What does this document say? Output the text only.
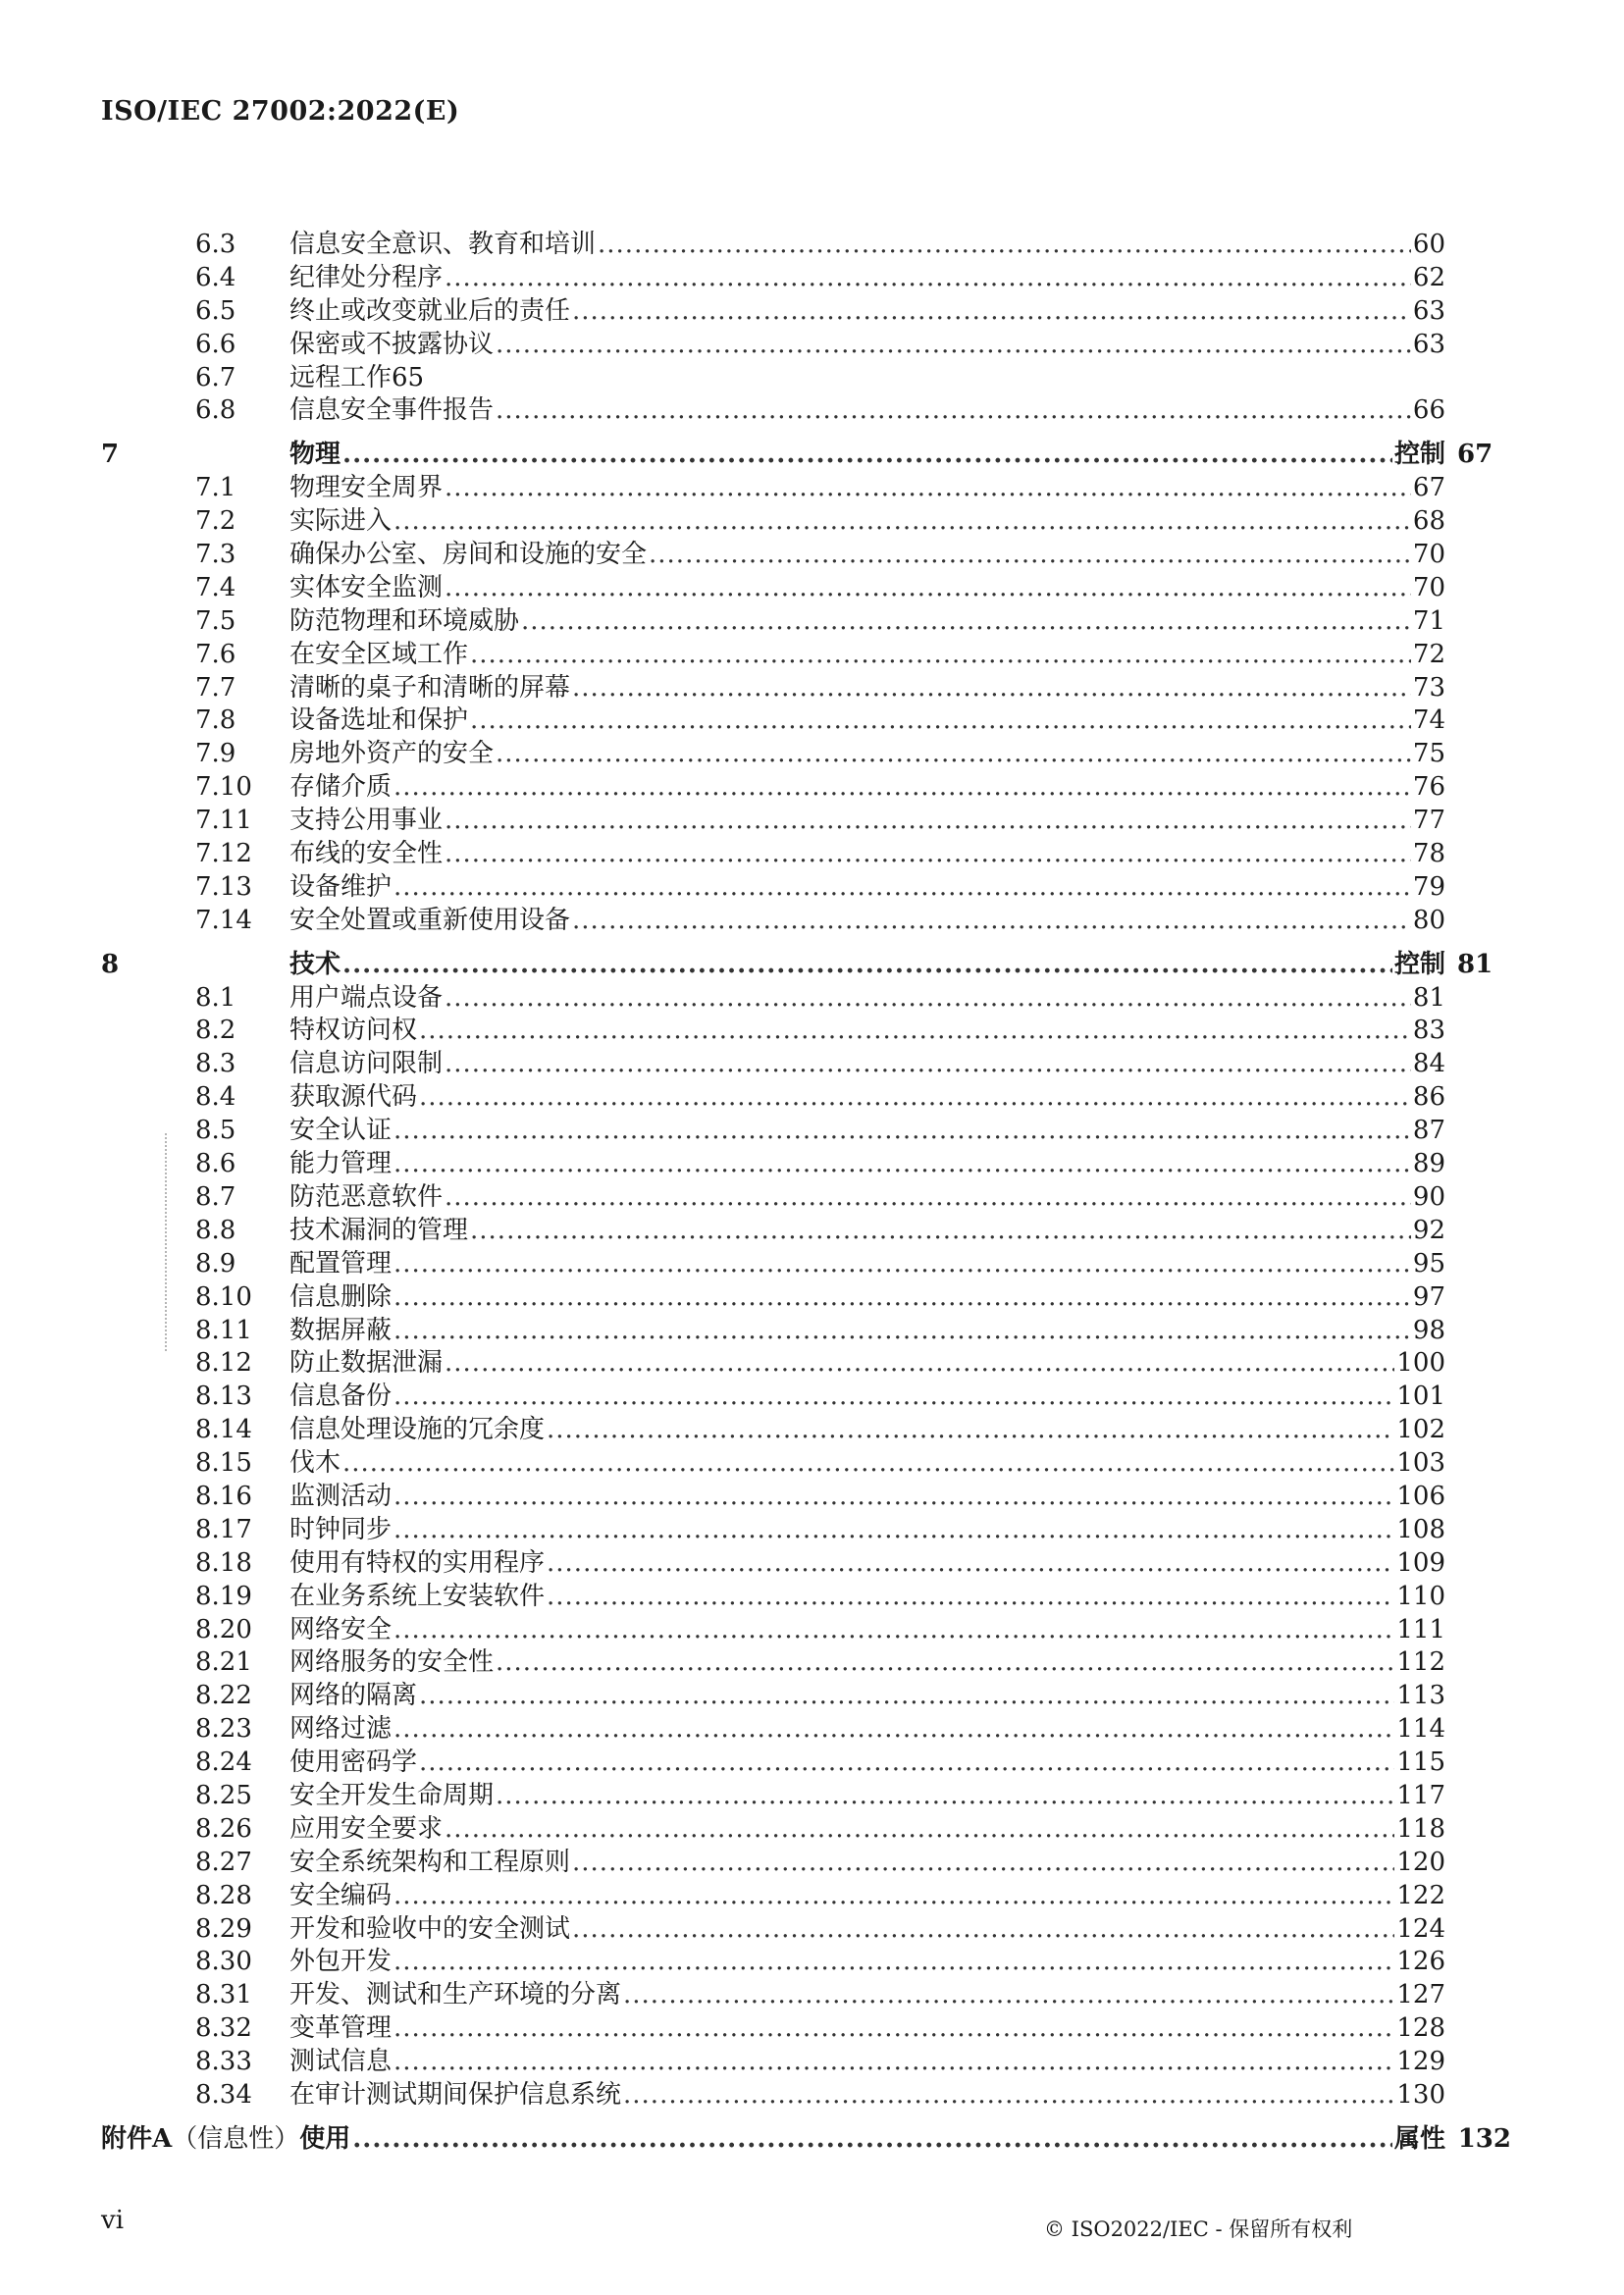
ISO/IEC 27002:2022(E)
6.3	信息安全意识、教育和培训 .....	60
6.4	纪律处分程序 .....	62
6.5	终止或改变就业后的责任 .....	63
6.6	保密或不披露协议 .....	63
6.7	远程工作65
6.8	信息安全事件报告 .....	66
7	物理 .....	控制 67
7.1	物理安全周界 .....	67
7.2	实际进入 .....	68
7.3	确保办公室、房间和设施的安全 .....	70
7.4	实体安全监测 .....	70
7.5	防范物理和环境威胁 .....	71
7.6	在安全区域工作 .....	72
7.7	清晰的桌子和清晰的屏幕 .....	73
7.8	设备选址和保护 .....	74
7.9	房地外资产的安全 .....	75
7.10	存储介质 .....	76
7.11	支持公用事业 .....	77
7.12	布线的安全性 .....	78
7.13	设备维护 .....	79
7.14	安全处置或重新使用设备 .....	80
8	技术 .....	控制 81
8.1	用户端点设备 .....	81
8.2	特权访问权 .....	83
8.3	信息访问限制 .....	84
8.4	获取源代码 .....	86
8.5	安全认证 .....	87
8.6	能力管理 .....	89
8.7	防范恶意软件 .....	90
8.8	技术漏洞的管理 .....	92
8.9	配置管理 .....	95
8.10	信息删除 .....	97
8.11	数据屏蔽 .....	98
8.12	防止数据泄漏 .....	100
8.13	信息备份 .....	101
8.14	信息处理设施的冗余度 .....	102
8.15	伐木 .....	103
8.16	监测活动 .....	106
8.17	时钟同步 .....	108
8.18	使用有特权的实用程序 .....	109
8.19	在业务系统上安装软件 .....	110
8.20	网络安全 .....	111
8.21	网络服务的安全性 .....	112
8.22	网络的隔离 .....	113
8.23	网络过滤 .....	114
8.24	使用密码学 .....	115
8.25	安全开发生命周期 .....	117
8.26	应用安全要求 .....	118
8.27	安全系统架构和工程原则 .....	120
8.28	安全编码 .....	122
8.29	开发和验收中的安全测试 .....	124
8.30	外包开发 .....	126
8.31	开发、测试和生产环境的分离 .....	127
8.32	变革管理 .....	128
8.33	测试信息 .....	129
8.34	在审计测试期间保护信息系统 .....	130
附件A（信息性）使用 .....	属性 132
vi	© ISO2022/IEC - 保留所有权利
